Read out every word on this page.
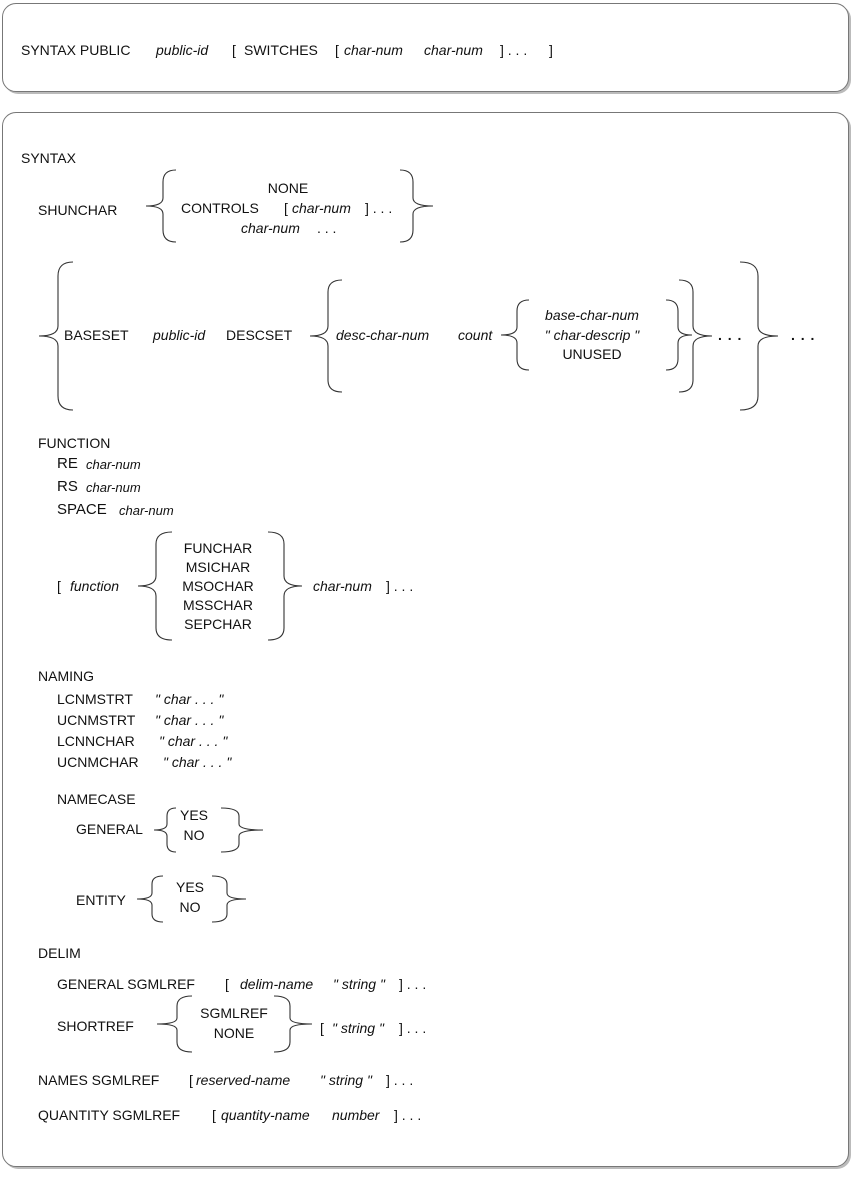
SYNTAX PUBLIC public-id [ SWITCHES [ char-num char-num ] . . . ]
SYNTAX
SHUNCHAR
NONE
CONTROLS [ char-num ] . . .
char-num . . .
BASESET public-id DESCSET	desc-char-num count
base-char-num
" char-descrip "
UNUSED
. . .	. . .
FUNCTION
RE char-num
RS char-num
SPACE char-num
[ function
FUNCHAR
MSICHAR
MSOCHAR
MSSCHAR
SEPCHAR
char-num ] . . .
NAMING
LCNMSTRT " char . . . "
UCNMSTRT " char . . . "
LCNNCHAR " char . . . "
UCNMCHAR " char . . . "
NAMECASE
GENERAL
YES
NO
ENTITY
YES
NO
DELIM
GENERAL SGMLREF [ delim-name " string " ] . . .
SHORTREF
SGMLREF
NONE	[ " string " ] . . .
NAMES SGMLREF [ reserved-name " string " ] . . .
QUANTITY SGMLREF [ quantity-name number ] . . .
